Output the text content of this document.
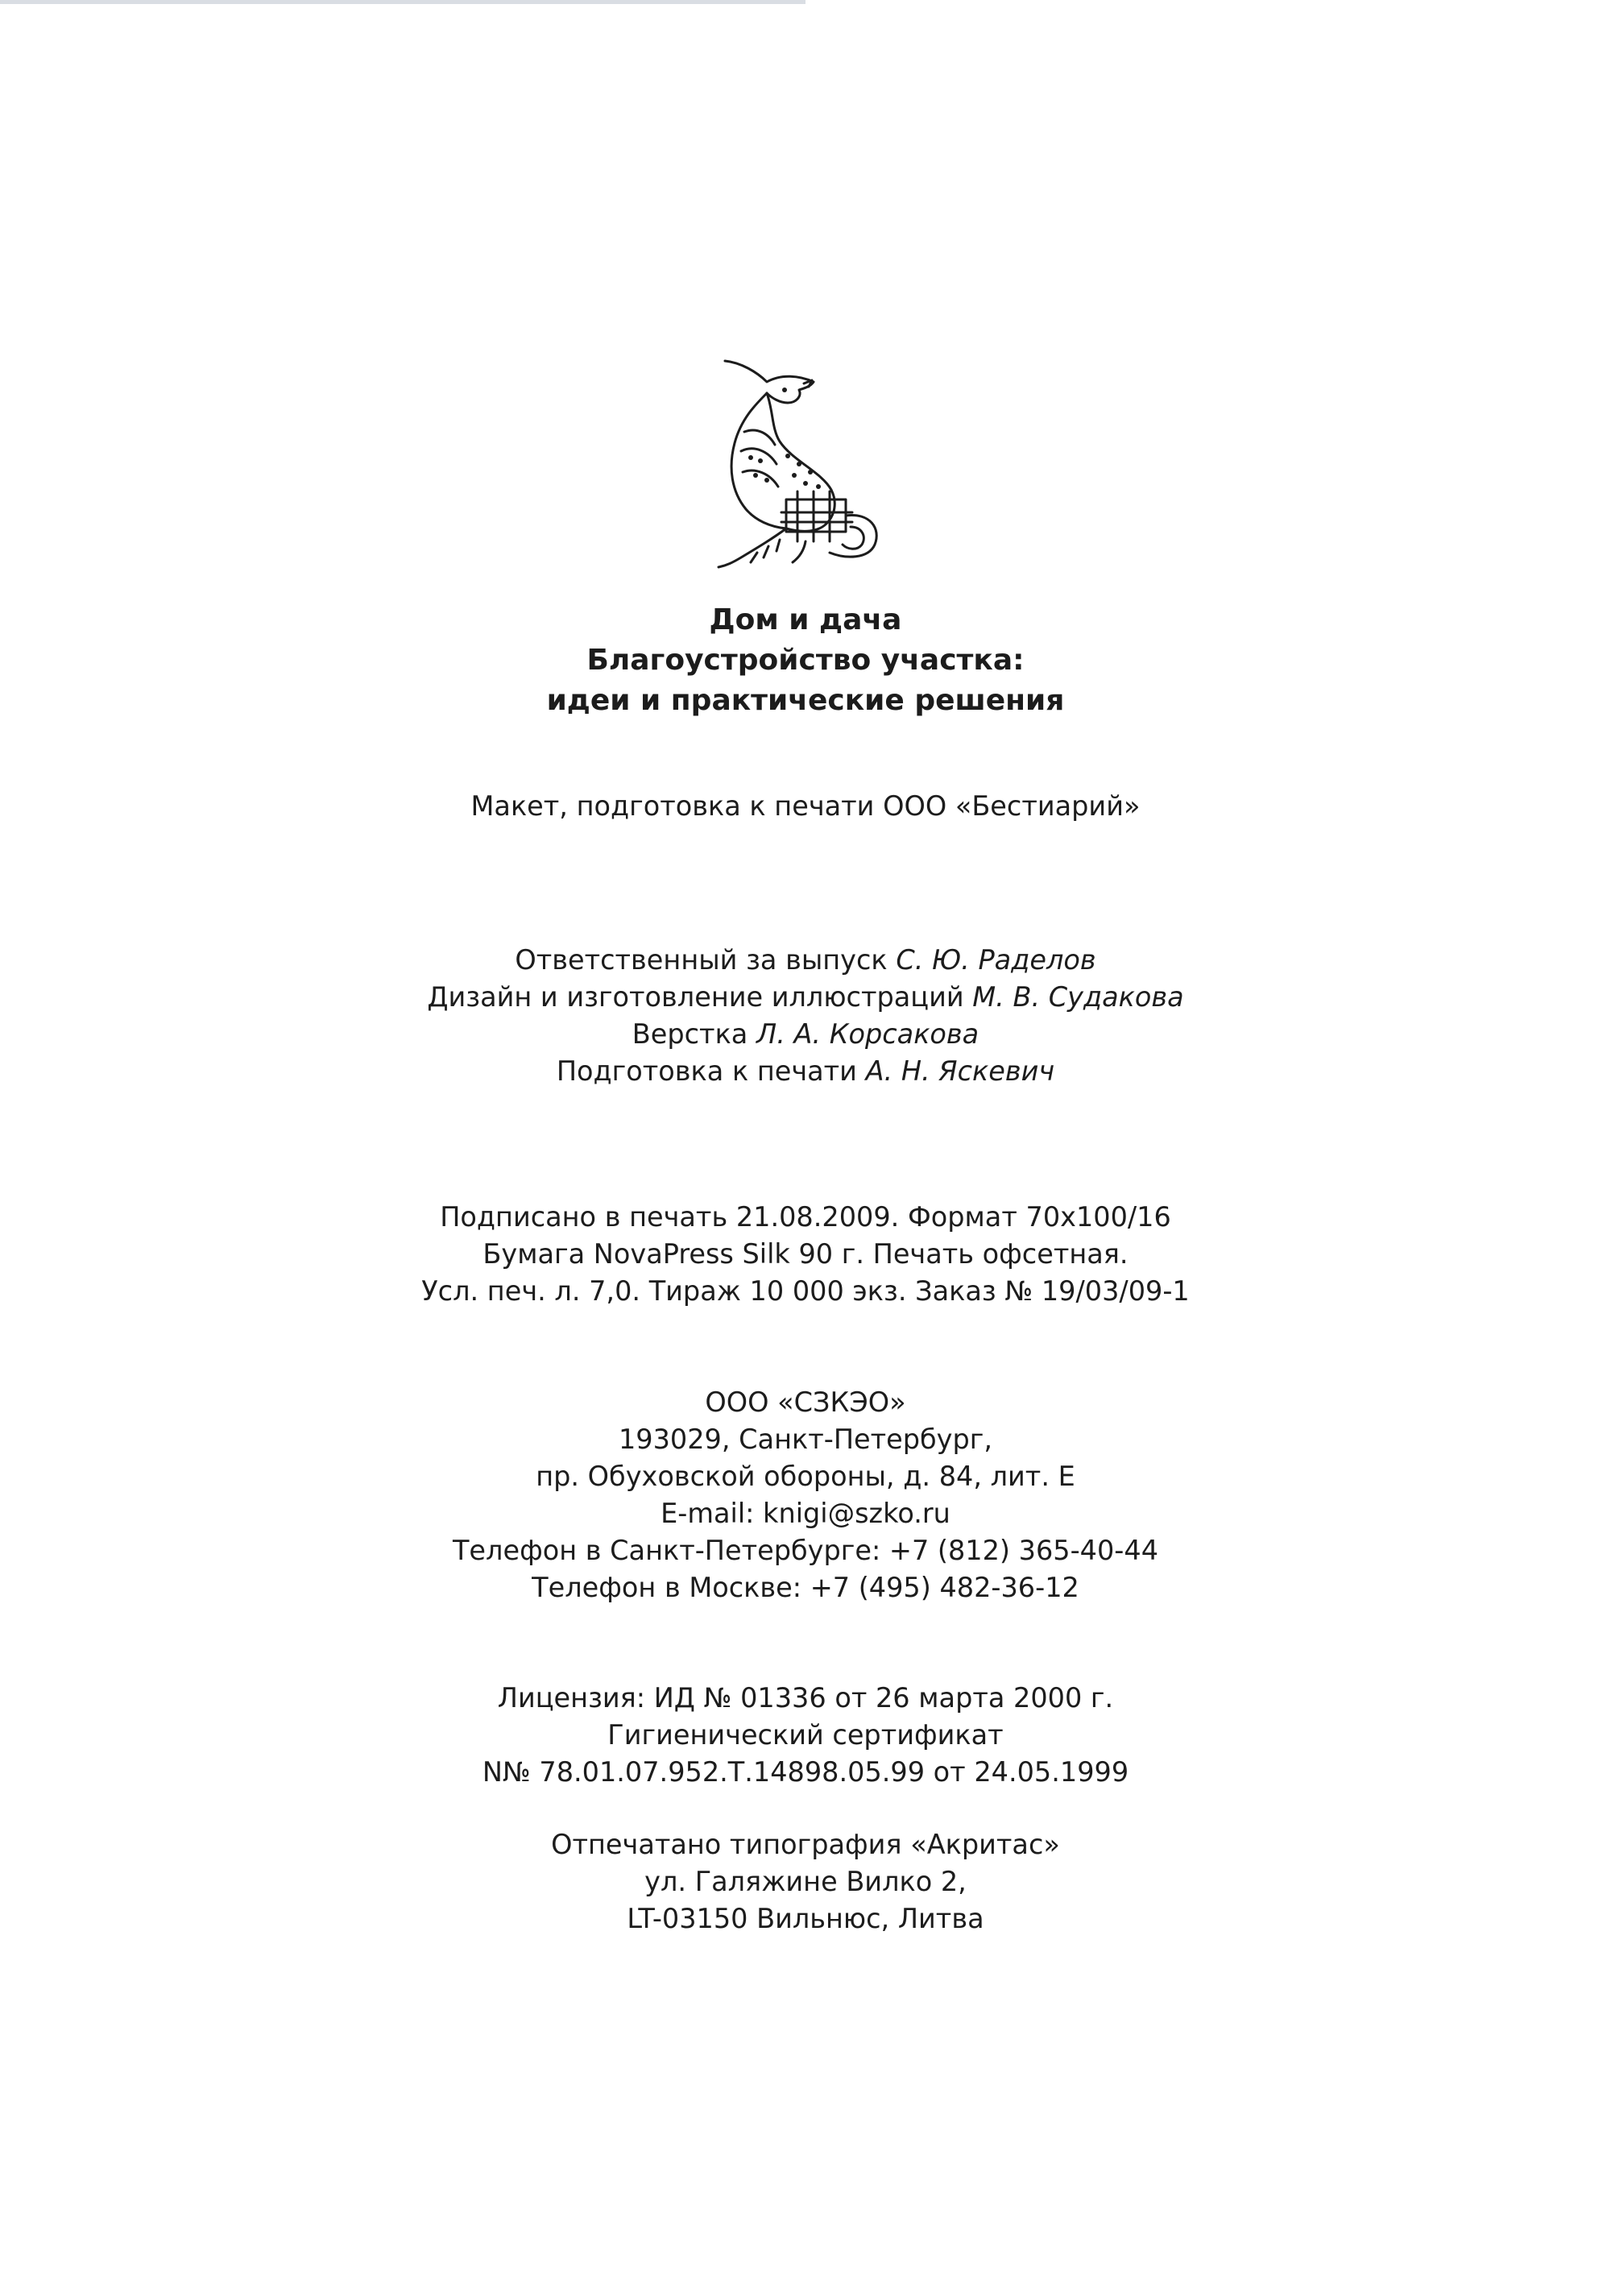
Дом и дача
Благоустройство участка:
идеи и практические решения
Макет, подготовка к печати ООО «Бестиарий»
Ответственный за выпуск С. Ю. Раделов
Дизайн и изготовление иллюстраций М. В. Судакова
Верстка Л. А. Корсакова
Подготовка к печати А. Н. Яскевич
Подписано в печать 21.08.2009. Формат 70х100/16
Бумага NovaPress Silk 90 г. Печать офсетная.
Усл. печ. л. 7,0. Тираж 10 000 экз. Заказ № 19/03/09-1
ООО «СЗКЭО»
193029, Санкт-Петербург,
пр. Обуховской обороны, д. 84, лит. Е
E-mail: knigi@szko.ru
Телефон в Санкт-Петербурге: +7 (812) 365-40-44
Телефон в Москве: +7 (495) 482-36-12
Лицензия: ИД № 01336 от 26 марта 2000 г.
Гигиенический сертификат
N№ 78.01.07.952.Т.14898.05.99 от 24.05.1999
Отпечатано типография «Акритас»
ул. Галяжине Вилко 2,
LT-03150 Вильнюс, Литва
